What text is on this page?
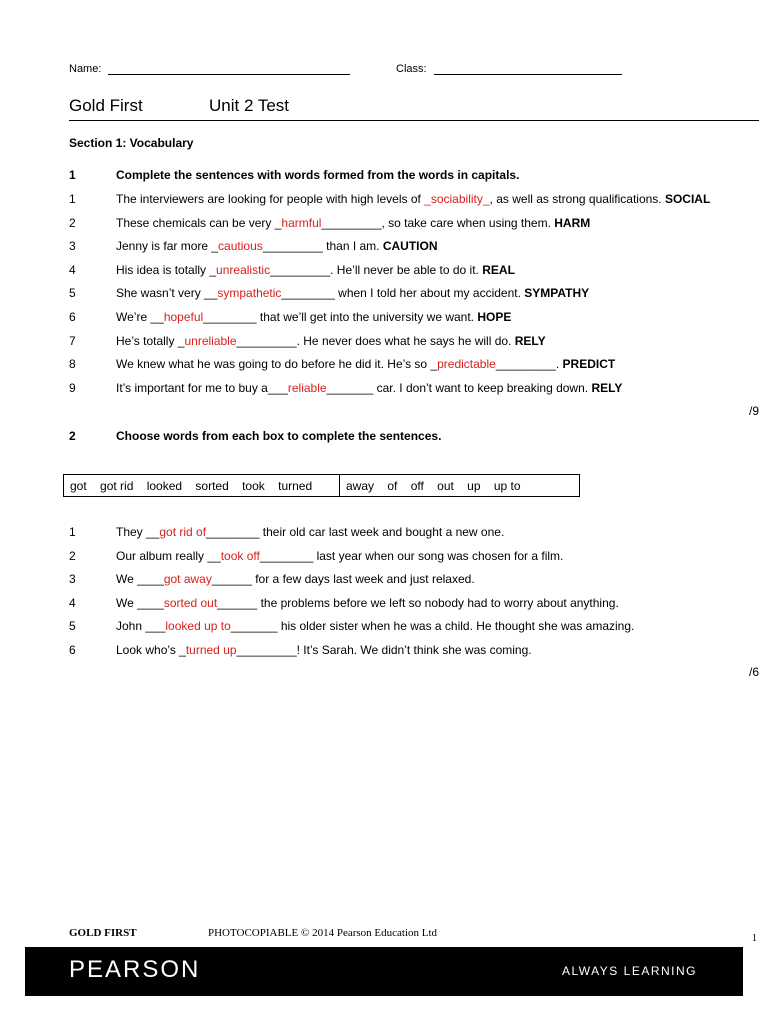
Name:	Class:
Gold First	Unit 2 Test
Section 1: Vocabulary
1	Complete the sentences with words formed from the words in capitals.
1	The interviewers are looking for people with high levels of _sociability_, as well as strong qualifications. SOCIAL
2	These chemicals can be very _harmful_________, so take care when using them. HARM
3	Jenny is far more _cautious_________ than I am. CAUTION
4	His idea is totally _unrealistic_________. He’ll never be able to do it. REAL
5	She wasn’t very __sympathetic________ when I told her about my accident. SYMPATHY
6	We’re __hopeful________ that we’ll get into the university we want. HOPE
7	He’s totally _unreliable_________. He never does what he says he will do. RELY
8	We knew what he was going to do before he did it. He’s so _predictable_________. PREDICT
9	It’s important for me to buy a___reliable_______ car. I don’t want to keep breaking down. RELY
/9
2	Choose words from each box to complete the sentences.
got    got rid    looked    sorted    took    turned	away    of    off    out    up    up to
1	They __got rid of________ their old car last week and bought a new one.
2	Our album really __took off________ last year when our song was chosen for a film.
3	We ____got away______ for a few days last week and just relaxed.
4	We ____sorted out______ the problems before we left so nobody had to worry about anything.
5	John ___looked up to_______ his older sister when he was a child. He thought she was amazing.
6	Look who’s _turned up_________! It’s Sarah. We didn’t think she was coming.
/6
GOLD FIRST	PHOTOCOPIABLE © 2014 Pearson Education Ltd	1
PEARSON	ALWAYS LEARNING
